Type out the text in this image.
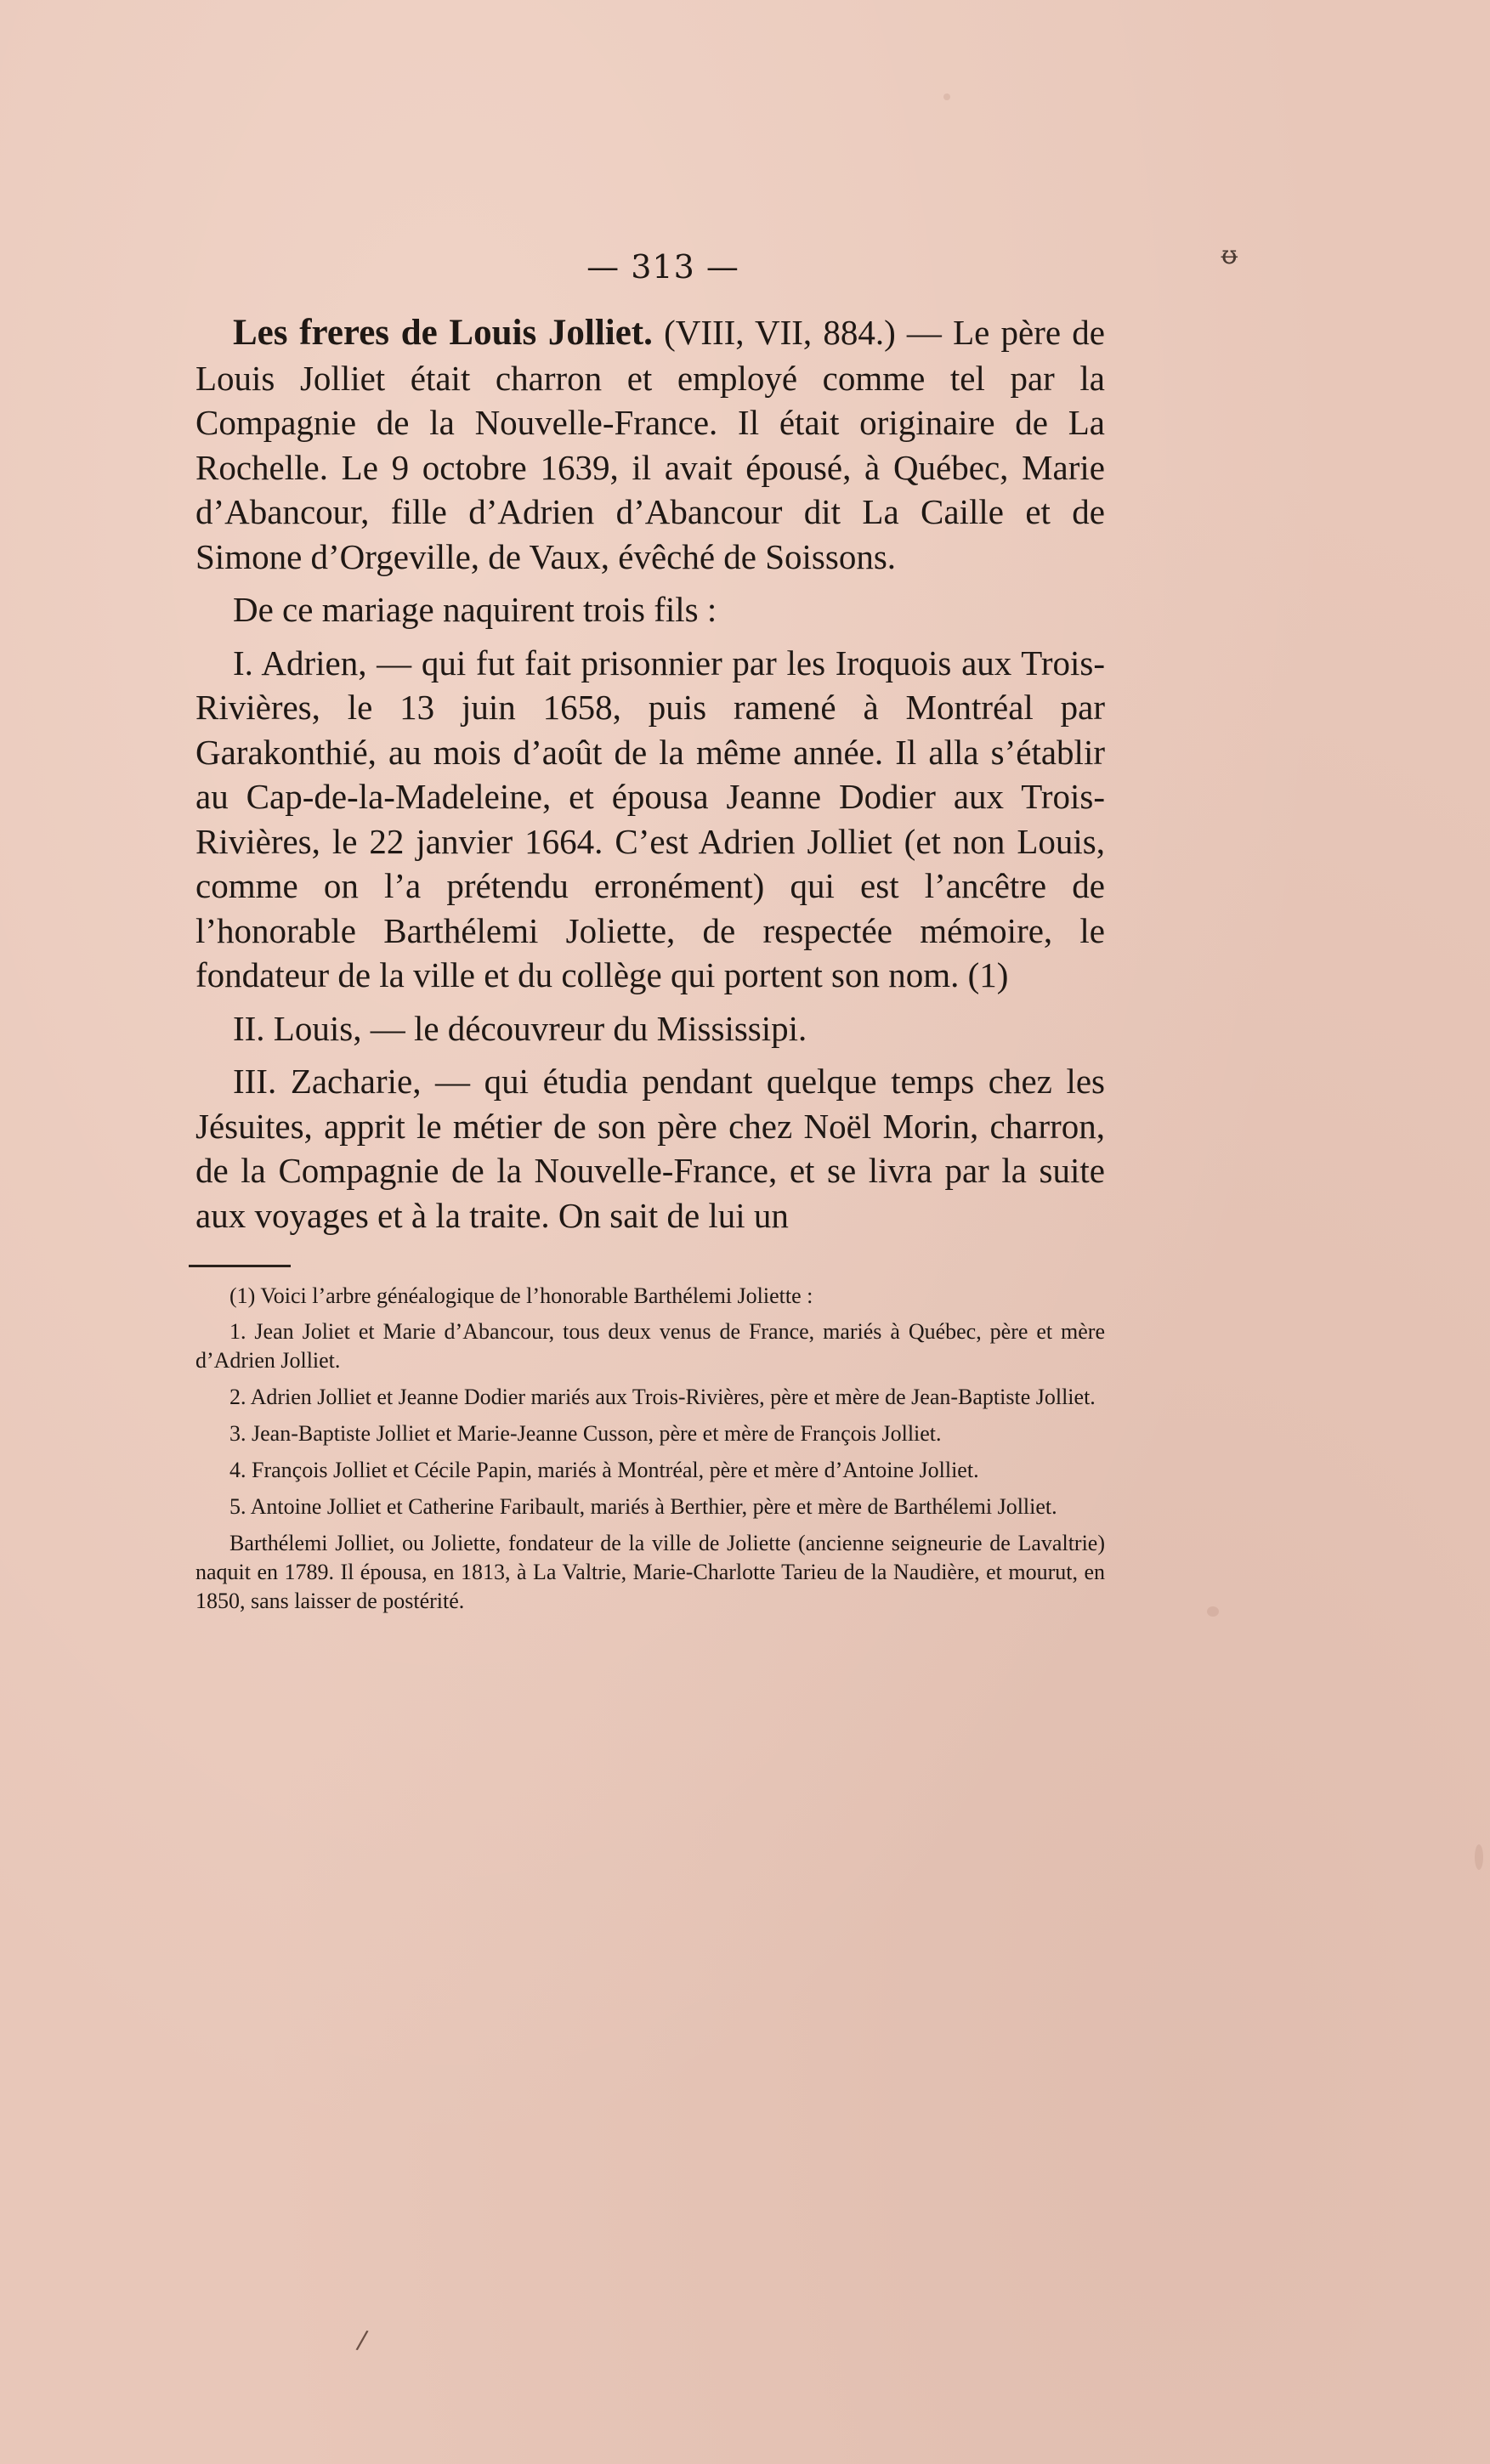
— 313 —	ᵿ

Les freres de Louis Jolliet. (VIII, VII, 884.) — Le père de Louis Jolliet était charron et employé comme tel par la Compagnie de la Nouvelle-France. Il était originaire de La Rochelle. Le 9 octobre 1639, il avait épousé, à Québec, Marie d’Abancour, fille d’Adrien d’Abancour dit La Caille et de Simone d’Orgeville, de Vaux, évêché de Soissons.

De ce mariage naquirent trois fils :

I. Adrien, — qui fut fait prisonnier par les Iroquois aux Trois-Rivières, le 13 juin 1658, puis ramené à Montréal par Garakonthié, au mois d’août de la même année. Il alla s’établir au Cap-de-la-Madeleine, et épousa Jeanne Dodier aux Trois-Rivières, le 22 janvier 1664. C’est Adrien Jolliet (et non Louis, comme on l’a prétendu erronément) qui est l’ancêtre de l’honorable Barthélemi Joliette, de respectée mémoire, le fondateur de la ville et du collège qui portent son nom. (1)

II. Louis, — le découvreur du Mississipi.

III. Zacharie, — qui étudia pendant quelque temps chez les Jésuites, apprit le métier de son père chez Noël Morin, charron, de la Compagnie de la Nouvelle-France, et se livra par la suite aux voyages et à la traite. On sait de lui un

(1) Voici l’arbre généalogique de l’honorable Barthélemi Joliette :

1. Jean Joliet et Marie d’Abancour, tous deux venus de France, mariés à Québec, père et mère d’Adrien Jolliet.

2. Adrien Jolliet et Jeanne Dodier mariés aux Trois-Rivières, père et mère de Jean-Baptiste Jolliet.

3. Jean-Baptiste Jolliet et Marie-Jeanne Cusson, père et mère de François Jolliet.

4. François Jolliet et Cécile Papin, mariés à Montréal, père et mère d’Antoine Jolliet.

5. Antoine Jolliet et Catherine Faribault, mariés à Berthier, père et mère de Barthélemi Jolliet.

Barthélemi Jolliet, ou Joliette, fondateur de la ville de Joliette (ancienne seigneurie de Lavaltrie) naquit en 1789. Il épousa, en 1813, à La Valtrie, Marie-Charlotte Tarieu de la Naudière, et mourut, en 1850, sans laisser de postérité.

/
